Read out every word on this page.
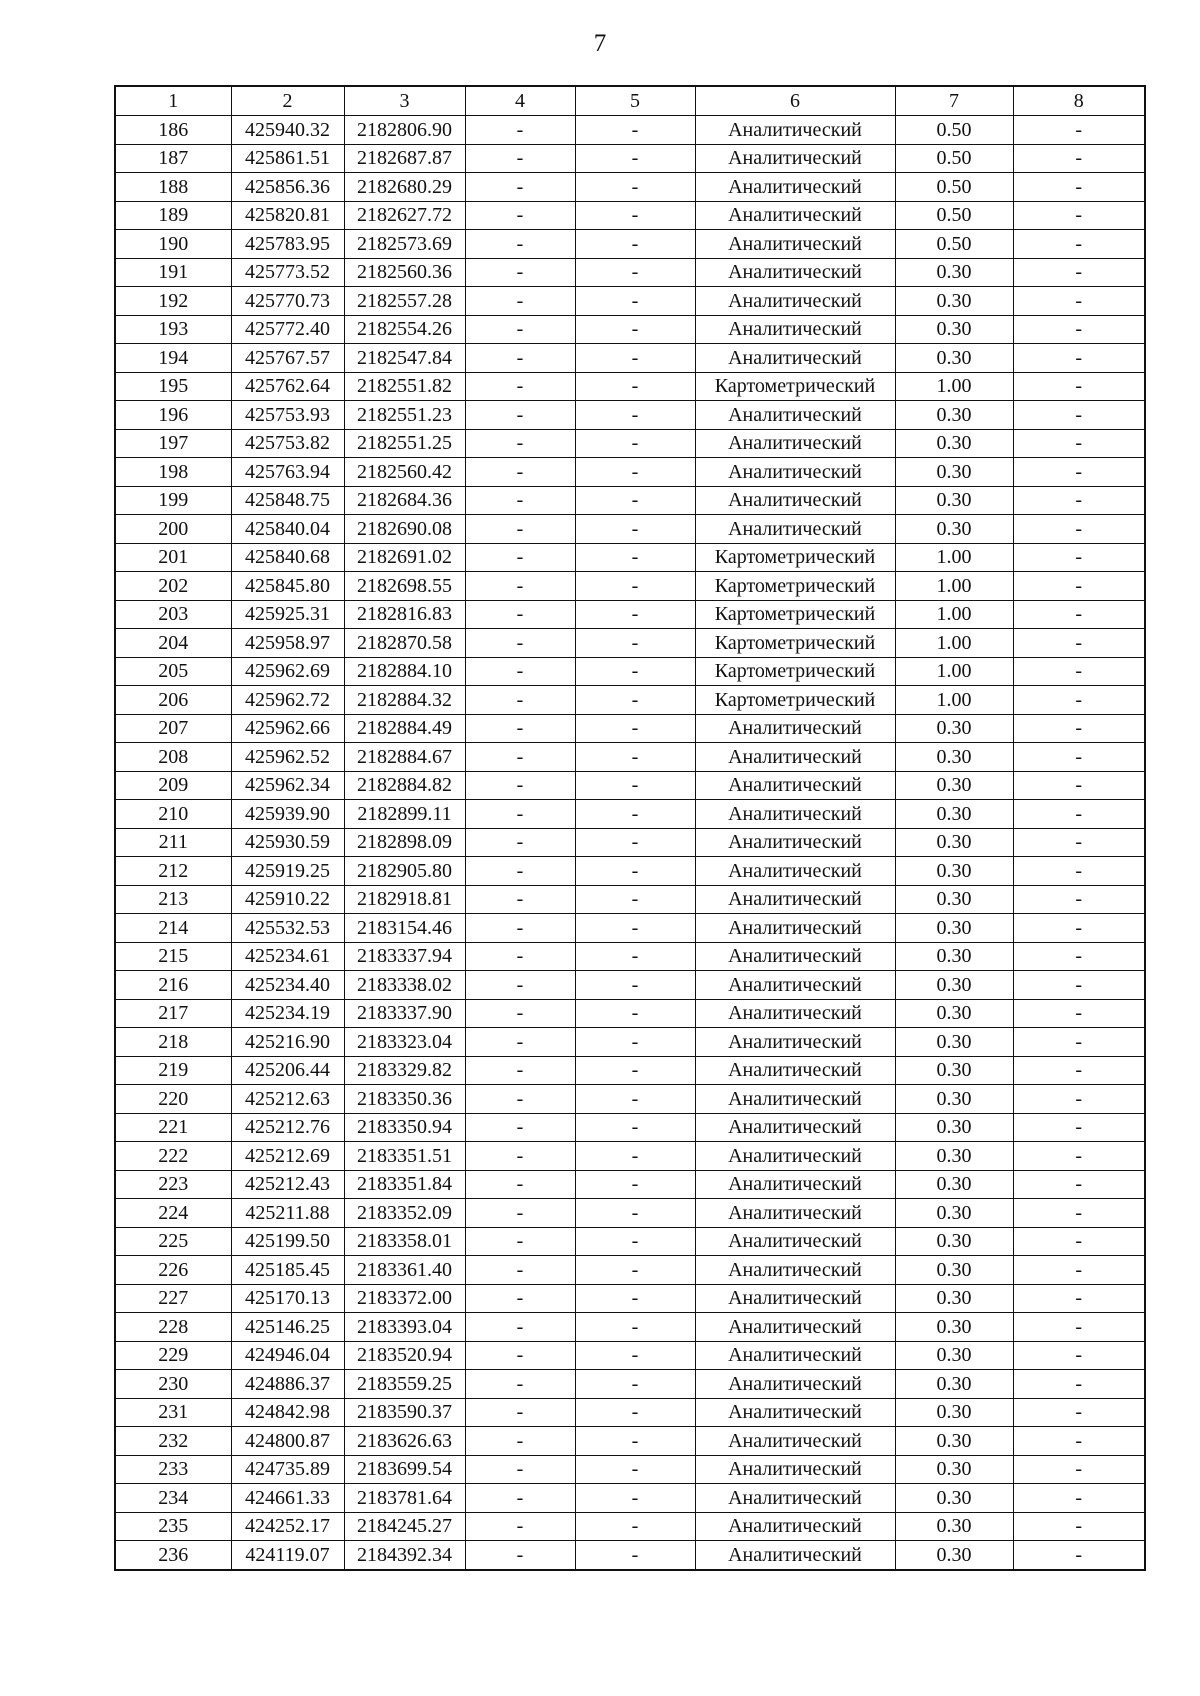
7
1	2	3	4	5	6	7	8
186	425940.32	2182806.90	-	-	Аналитический	0.50	-
187	425861.51	2182687.87	-	-	Аналитический	0.50	-
188	425856.36	2182680.29	-	-	Аналитический	0.50	-
189	425820.81	2182627.72	-	-	Аналитический	0.50	-
190	425783.95	2182573.69	-	-	Аналитический	0.50	-
191	425773.52	2182560.36	-	-	Аналитический	0.30	-
192	425770.73	2182557.28	-	-	Аналитический	0.30	-
193	425772.40	2182554.26	-	-	Аналитический	0.30	-
194	425767.57	2182547.84	-	-	Аналитический	0.30	-
195	425762.64	2182551.82	-	-	Картометрический	1.00	-
196	425753.93	2182551.23	-	-	Аналитический	0.30	-
197	425753.82	2182551.25	-	-	Аналитический	0.30	-
198	425763.94	2182560.42	-	-	Аналитический	0.30	-
199	425848.75	2182684.36	-	-	Аналитический	0.30	-
200	425840.04	2182690.08	-	-	Аналитический	0.30	-
201	425840.68	2182691.02	-	-	Картометрический	1.00	-
202	425845.80	2182698.55	-	-	Картометрический	1.00	-
203	425925.31	2182816.83	-	-	Картометрический	1.00	-
204	425958.97	2182870.58	-	-	Картометрический	1.00	-
205	425962.69	2182884.10	-	-	Картометрический	1.00	-
206	425962.72	2182884.32	-	-	Картометрический	1.00	-
207	425962.66	2182884.49	-	-	Аналитический	0.30	-
208	425962.52	2182884.67	-	-	Аналитический	0.30	-
209	425962.34	2182884.82	-	-	Аналитический	0.30	-
210	425939.90	2182899.11	-	-	Аналитический	0.30	-
211	425930.59	2182898.09	-	-	Аналитический	0.30	-
212	425919.25	2182905.80	-	-	Аналитический	0.30	-
213	425910.22	2182918.81	-	-	Аналитический	0.30	-
214	425532.53	2183154.46	-	-	Аналитический	0.30	-
215	425234.61	2183337.94	-	-	Аналитический	0.30	-
216	425234.40	2183338.02	-	-	Аналитический	0.30	-
217	425234.19	2183337.90	-	-	Аналитический	0.30	-
218	425216.90	2183323.04	-	-	Аналитический	0.30	-
219	425206.44	2183329.82	-	-	Аналитический	0.30	-
220	425212.63	2183350.36	-	-	Аналитический	0.30	-
221	425212.76	2183350.94	-	-	Аналитический	0.30	-
222	425212.69	2183351.51	-	-	Аналитический	0.30	-
223	425212.43	2183351.84	-	-	Аналитический	0.30	-
224	425211.88	2183352.09	-	-	Аналитический	0.30	-
225	425199.50	2183358.01	-	-	Аналитический	0.30	-
226	425185.45	2183361.40	-	-	Аналитический	0.30	-
227	425170.13	2183372.00	-	-	Аналитический	0.30	-
228	425146.25	2183393.04	-	-	Аналитический	0.30	-
229	424946.04	2183520.94	-	-	Аналитический	0.30	-
230	424886.37	2183559.25	-	-	Аналитический	0.30	-
231	424842.98	2183590.37	-	-	Аналитический	0.30	-
232	424800.87	2183626.63	-	-	Аналитический	0.30	-
233	424735.89	2183699.54	-	-	Аналитический	0.30	-
234	424661.33	2183781.64	-	-	Аналитический	0.30	-
235	424252.17	2184245.27	-	-	Аналитический	0.30	-
236	424119.07	2184392.34	-	-	Аналитический	0.30	-
